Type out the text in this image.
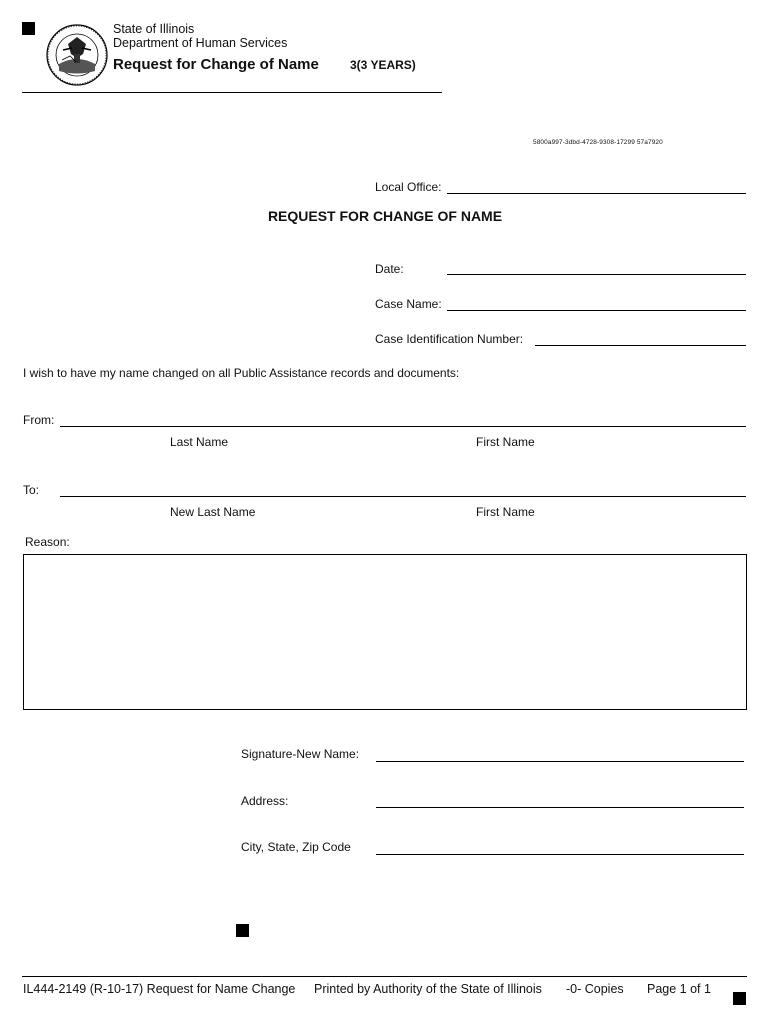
State of Illinois
Department of Human Services
Request for Change of Name	3(3 YEARS)
5800a997-3dbd-4728-9308-17299 57a7920
Local Office:
REQUEST FOR CHANGE OF NAME
Date:
Case Name:
Case Identification Number:
I wish to have my name changed on all Public Assistance records and documents:
From:
Last Name	First Name
To:
New Last Name	First Name
Reason:
Signature-New Name:
Address:
City, State, Zip Code
IL444-2149 (R-10-17) Request for Name Change Printed by Authority of the State of Illinois -0- Copies Page 1 of 1
